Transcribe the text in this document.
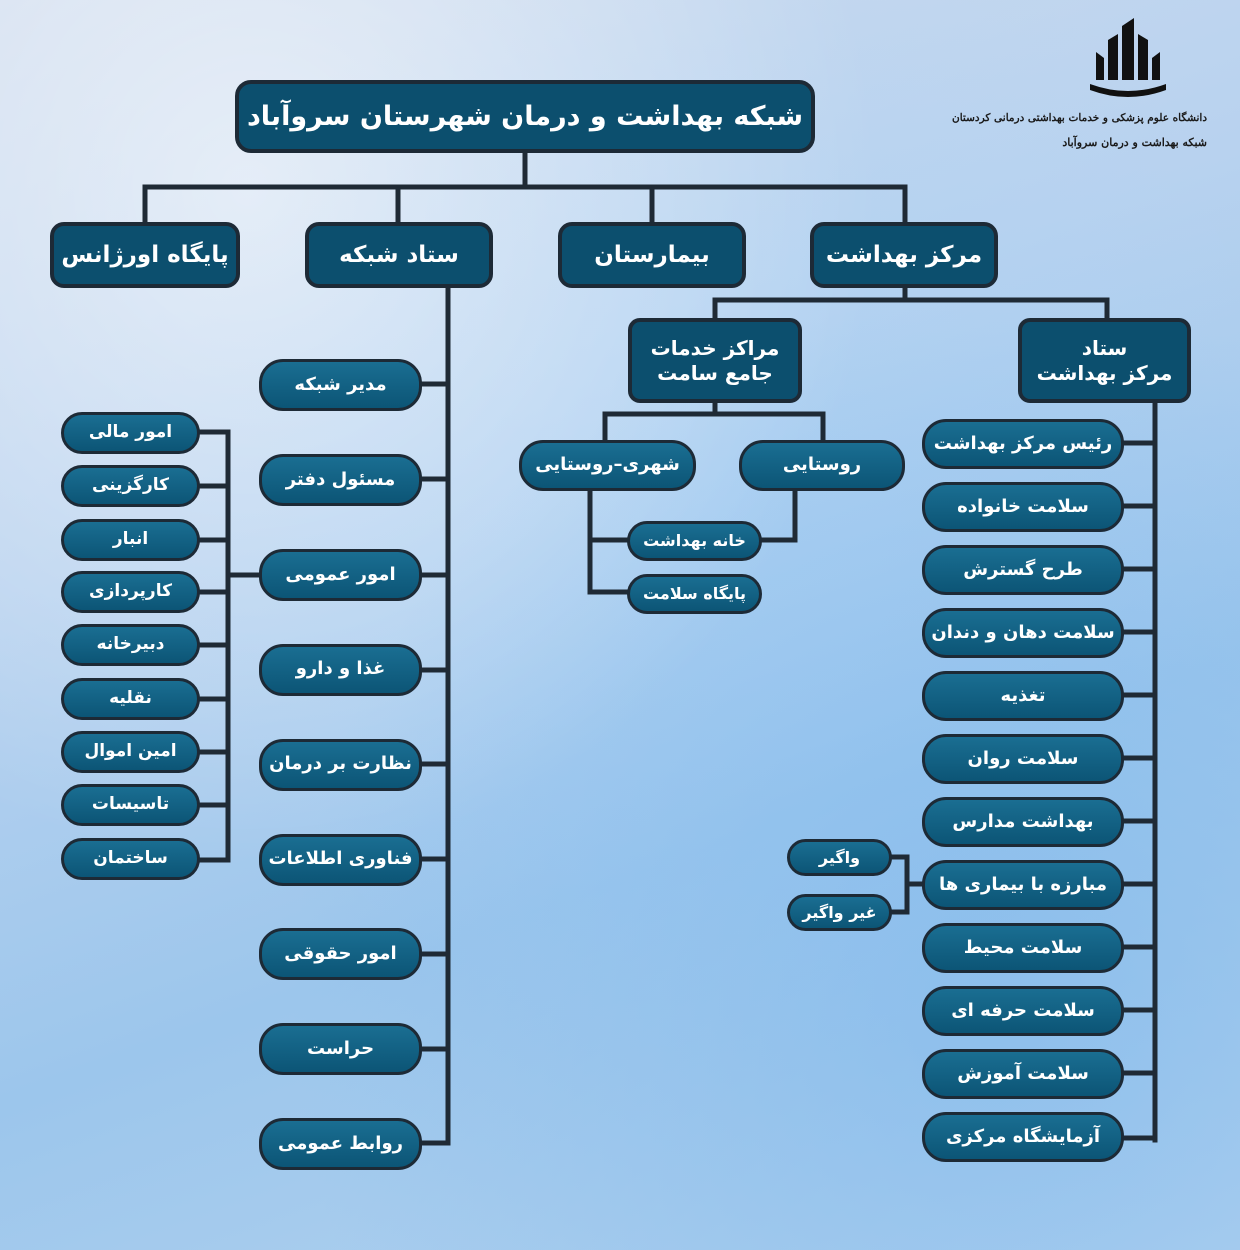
دانشگاه علوم پزشکی و خدمات بهداشتی درمانی کردستان
شبکه بهداشت و درمان سروآباد
شبکه بهداشت و درمان شهرستان سروآباد
مرکز بهداشت
بیمارستان
ستاد شبکه
پایگاه اورژانس
ستاد
مرکز بهداشت
مراکز خدمات
جامع سامت
روستایی
شهری–روستایی
خانه بهداشت
پایگاه سلامت
رئیس مرکز بهداشت
سلامت خانواده
طرح گسترش
سلامت دهان و دندان
تغذیه
سلامت روان
بهداشت مدارس
مبارزه با بیماری ها
سلامت محیط
سلامت حرفه ای
سلامت آموزش
آزمایشگاه مرکزی
واگیر
غیر واگیر
مدیر شبکه
مسئول دفتر
امور عمومی
غذا و دارو
نظارت بر درمان
فناوری اطلاعات
امور حقوقی
حراست
روابط عمومی
امور مالی
کارگزینی
انبار
کارپردازی
دبیرخانه
نقلیه
امین اموال
تاسیسات
ساختمان
